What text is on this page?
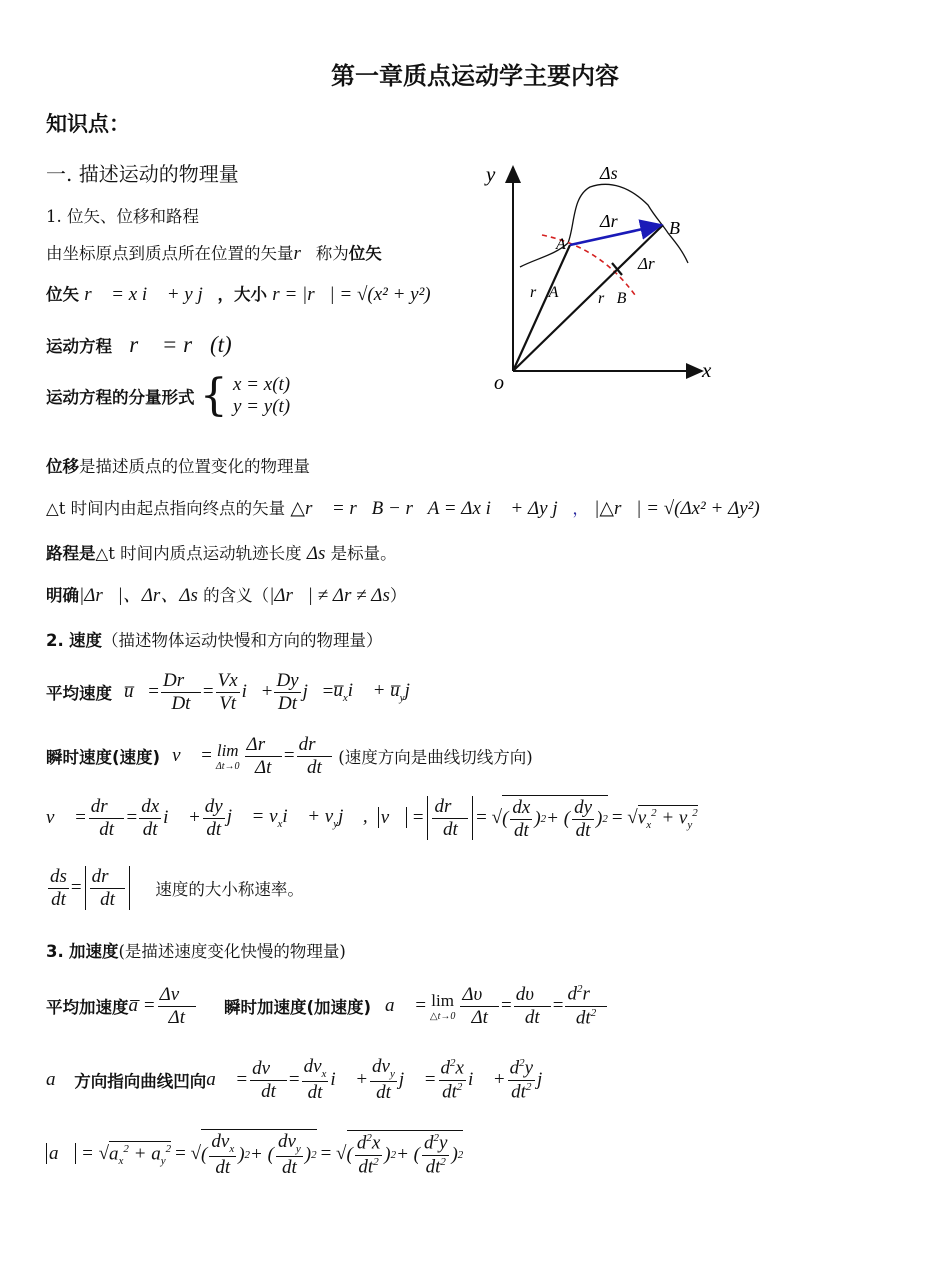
第一章质点运动学主要内容
知识点：
一. 描述运动的物理量
1. 位矢、位移和路程
由坐标原点到质点所在位置的矢量r⃗称为位矢
位矢 r⃗ = x i⃗ + y j⃗，大小 r = |r⃗| = √(x² + y²)
运动方程 r⃗ = r⃗(t)
运动方程的分量形式 { x = x(t)
y = y(t)
位移是描述质点的位置变化的物理量
△t 时间内由起点指向终点的矢量 △r⃗ = r⃗B − r⃗A = Δx i⃗ + Δy j⃗， |△r⃗| = √(Δx² + Δy²)
路程是△t 时间内质点运动轨迹长度 Δs 是标量。
明确|Δr⃗|、Δr、Δs 的含义（|Δr⃗| ≠ Δr ≠ Δs）
2. 速度（描述物体运动快慢和方向的物理量）
平均速度 u̅⃗ = $\frac{Dr⃗}{Dt} = \frac{Vx}{Vt}$ i⃗ + $\frac{Dy}{Dt}$ j⃗ = $u̅_xi⃗$ + $u̅_yj⃗$
瞬时速度(速度) v⃗ = lim
$\Delta t\to 0 \frac{\Delta r⃗}{\Delta t} = \frac{dr⃗}{dt}$ (速度方向是曲线切线方向)
v⃗ = $\frac{dr⃗}{dt} = \frac{dx}{dt}$ i⃗ + $\frac{dy}{dt}$ j⃗ = $v_xi⃗$ + $v_yj⃗$ , v⃗ = $\frac{dr⃗}{dt}$ = √ ( $\frac{dx}{dt}$ ) 2 + ( $\frac{dy}{dt}$ ) 2 = √ $v_x^2 + v_y^2$
$\frac{ds}{dt} = \frac{dr⃗}{dt}$ 速度的大小称速率。
3. 加速度(是描述速度变化快慢的物理量)
平均加速度 a̅ = $\frac{\Delta v⃗}{\Delta t}$ 瞬时加速度(加速度) a⃗ = lim
△t→0 $\frac{\Delta\upsilon⃗}{\Delta t} = \frac{d\upsilon⃗}{dt} = \frac{d^2r⃗}{dt^2}$
a⃗ 方向指向曲线凹向 a⃗ = $\frac{dv⃗}{dt} = \frac{dv_x}{dt}$ i⃗ + $\frac{dv_y}{dt}$ j⃗ = $\frac{d^2x}{dt^2}$ i⃗ + $\frac{d^2y}{dt^2}$ j⃗
a⃗ = √ $a_x^2 + a_y^2$ = √ ( $\frac{dv_x}{dt}$ ) 2 + ( $\frac{dv_y}{dt}$ ) 2 = √ ( $\frac{d^2x}{dt^2}$ ) 2 + ( $\frac{d^2y}{dt^2}$ ) 2
y
x
o
Δs
Δr⃗
A
B
Δr
r⃗A r⃗B
